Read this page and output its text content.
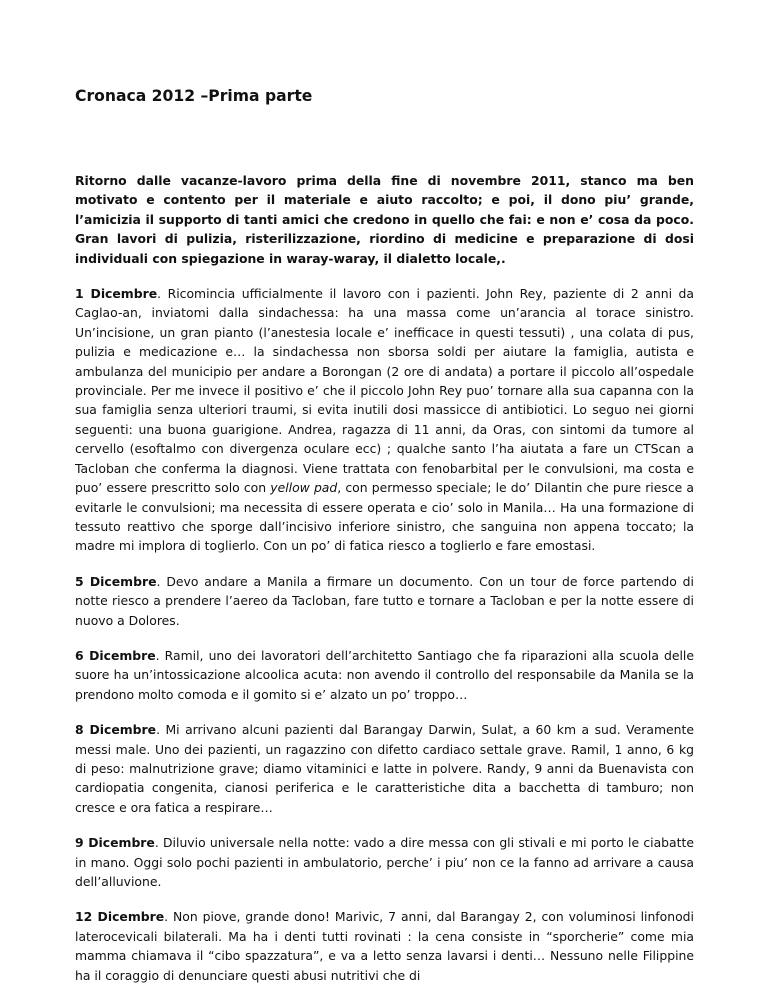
Cronaca 2012 –Prima parte

Ritorno dalle vacanze-lavoro prima della fine di novembre 2011, stanco ma ben motivato e contento per il materiale e aiuto raccolto; e poi, il dono piu’ grande, l’amicizia il supporto di tanti amici che credono in quello che fai: e non e’ cosa da poco. Gran lavori di pulizia, risterilizzazione, riordino di medicine e preparazione di dosi individuali con spiegazione in waray-waray, il dialetto locale,.

1 Dicembre. Ricomincia ufficialmente il lavoro con i pazienti. John Rey, paziente di 2 anni da Caglao-an, inviatomi dalla sindachessa: ha una massa come un’arancia al torace sinistro. Un’incisione, un gran pianto (l’anestesia locale e’ inefficace in questi tessuti) , una colata di pus, pulizia e medicazione e… la sindachessa non sborsa soldi per aiutare la famiglia, autista e ambulanza del municipio per andare a Borongan (2 ore di andata) a portare il piccolo all’ospedale provinciale. Per me invece il positivo e’ che il piccolo John Rey puo’ tornare alla sua capanna con la sua famiglia senza ulteriori traumi, si evita inutili dosi massicce di antibiotici. Lo seguo nei giorni seguenti: una buona guarigione. Andrea, ragazza di 11 anni, da Oras, con sintomi da tumore al cervello (esoftalmo con divergenza oculare ecc) ; qualche santo l’ha aiutata a fare un CTScan a Tacloban che conferma la diagnosi. Viene trattata con fenobarbital per le convulsioni, ma costa e puo’ essere prescritto solo con yellow pad, con permesso speciale; le do’ Dilantin che pure riesce a evitarle le convulsioni; ma necessita di essere operata e cio’ solo in Manila… Ha una formazione di tessuto reattivo che sporge dall’incisivo inferiore sinistro, che sanguina non appena toccato; la madre mi implora di toglierlo. Con un po’ di fatica riesco a toglierlo e fare emostasi.

5 Dicembre. Devo andare a Manila a firmare un documento. Con un tour de force partendo di notte riesco a prendere l’aereo da Tacloban, fare tutto e tornare a Tacloban e per la notte essere di nuovo a Dolores.

6 Dicembre. Ramil, uno dei lavoratori dell’architetto Santiago che fa riparazioni alla scuola delle suore ha un’intossicazione alcoolica acuta: non avendo il controllo del responsabile da Manila se la prendono molto comoda e il gomito si e’ alzato un po’ troppo…

8 Dicembre. Mi arrivano alcuni pazienti dal Barangay Darwin, Sulat, a 60 km a sud. Veramente messi male. Uno dei pazienti, un ragazzino con difetto cardiaco settale grave. Ramil, 1 anno, 6 kg di peso: malnutrizione grave; diamo vitaminici e latte in polvere. Randy, 9 anni da Buenavista con cardiopatia congenita, cianosi periferica e le caratteristiche dita a bacchetta di tamburo; non cresce e ora fatica a respirare…

9 Dicembre. Diluvio universale nella notte: vado a dire messa con gli stivali e mi porto le ciabatte in mano. Oggi solo pochi pazienti in ambulatorio, perche’ i piu’ non ce la fanno ad arrivare a causa dell’alluvione.

12 Dicembre. Non piove, grande dono! Marivic, 7 anni, dal Barangay 2, con voluminosi linfonodi laterocevicali bilaterali. Ma ha i denti tutti rovinati : la cena consiste in “sporcherie” come mia mamma chiamava il “cibo spazzatura”, e va a letto senza lavarsi i denti… Nessuno nelle Filippine ha il coraggio di denunciare questi abusi nutritivi che di
